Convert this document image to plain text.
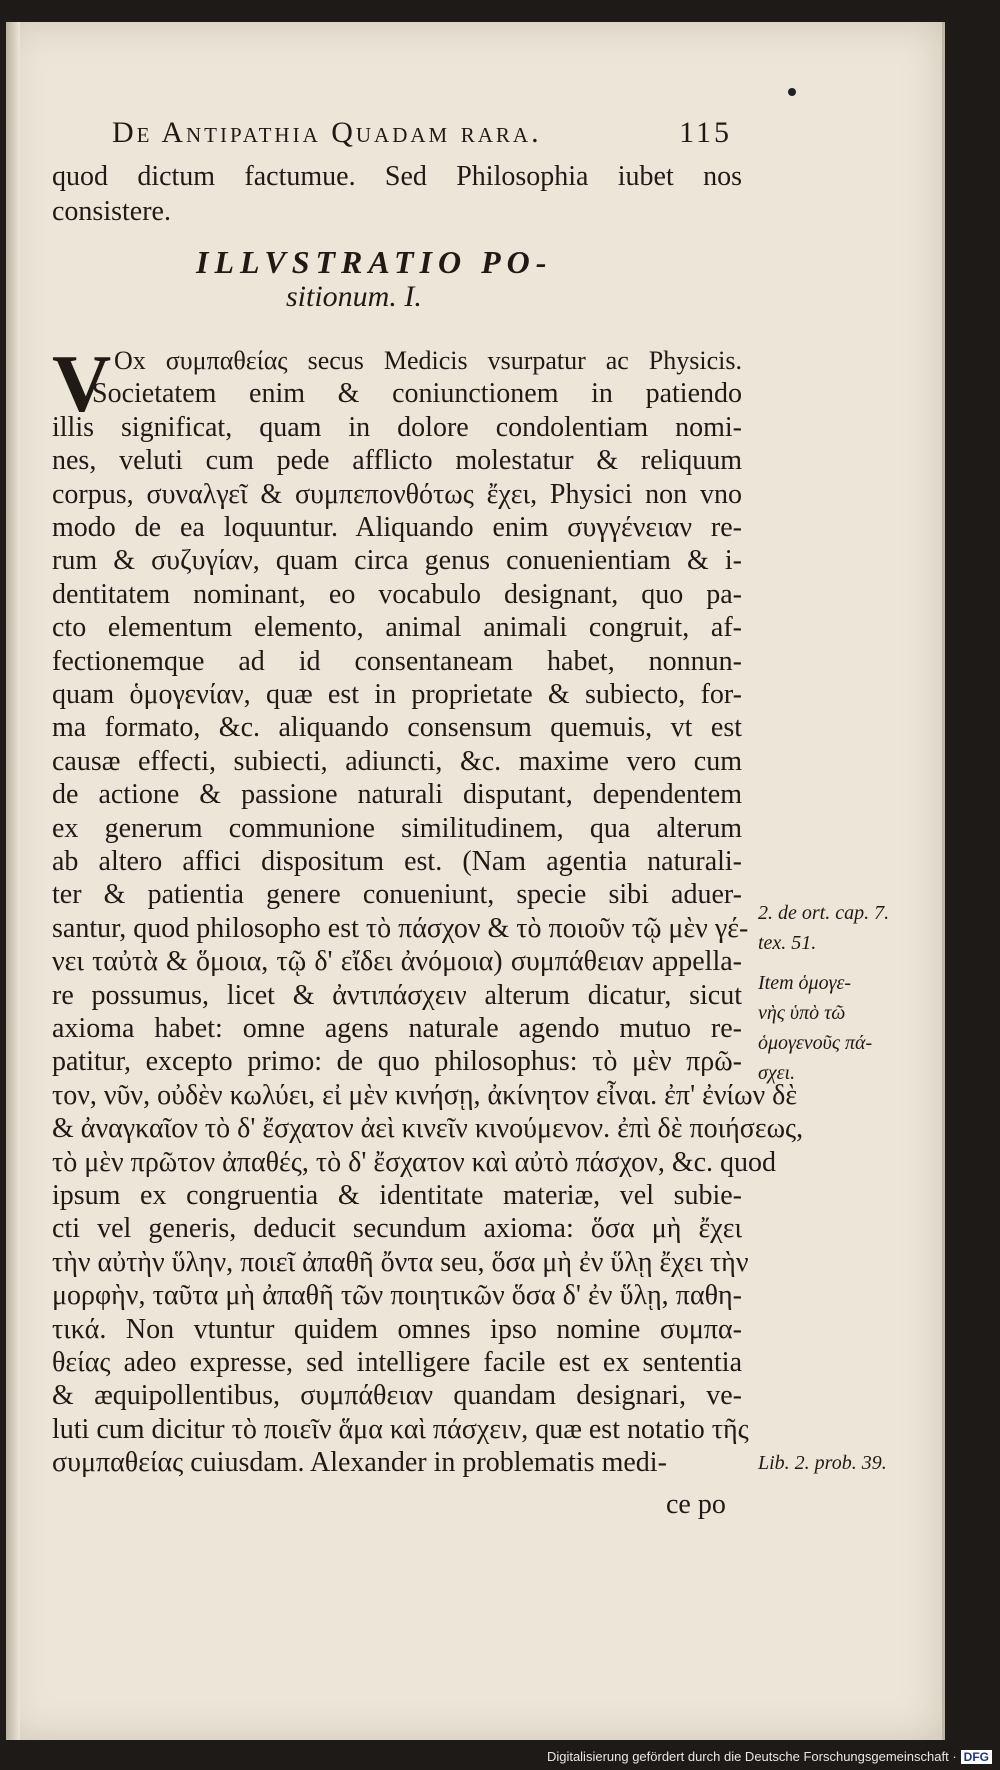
De Antipathia Quadam rara.	115
quod dictum factumue. Sed Philosophia iubet nos
consistere.
ILLVSTRATIO PO-
sitionum. I.
V Ox συμπαθείας secus Medicis vsurpatur ac Physicis.
Societatem enim & coniunctionem in patiendo
illis significat, quam in dolore condolentiam nomi-
nes, veluti cum pede afflicto molestatur & reliquum
corpus, συναλγεῖ & συμπεπονθότως ἔχει, Physici non vno
modo de ea loquuntur. Aliquando enim συγγένειαν re-
rum & συζυγίαν, quam circa genus conuenientiam & i-
dentitatem nominant, eo vocabulo designant, quo pa-
cto elementum elemento, animal animali congruit, af-
fectionemque ad id consentaneam habet, nonnun-
quam ὁμογενίαν, quæ est in proprietate & subiecto, for-
ma formato, &c. aliquando consensum quemuis, vt est
causæ effecti, subiecti, adiuncti, &c. maxime vero cum
de actione & passione naturali disputant, dependentem
ex generum communione similitudinem, qua alterum
ab altero affici dispositum est. (Nam agentia naturali-
ter & patientia genere conueniunt, specie sibi aduer-
santur, quod philosopho est τὸ πάσχον & τὸ ποιοῦν τῷ μὲν γέ-
νει ταὐτὰ & ὅμοια, τῷ δ' εἴδει ἀνόμοια) συμπάθειαν appella-
re possumus, licet & ἀντιπάσχειν alterum dicatur, sicut
axioma habet: omne agens naturale agendo mutuo re-
patitur, excepto primo: de quo philosophus: τὸ μὲν πρῶ-
τον, νῦν, οὐδὲν κωλύει, εἰ μὲν κινήσῃ, ἀκίνητον εἶναι. ἐπ' ἐνίων δὲ
& ἀναγκαῖον τὸ δ' ἔσχατον ἀεὶ κινεῖν κινούμενον. ἐπὶ δὲ ποιήσεως,
τὸ μὲν πρῶτον ἀπαθές, τὸ δ' ἔσχατον καὶ αὐτὸ πάσχον, &c. quod
ipsum ex congruentia & identitate materiæ, vel subie-
cti vel generis, deducit secundum axioma: ὅσα μὴ ἔχει
τὴν αὐτὴν ὕλην, ποιεῖ ἀπαθῆ ὄντα seu, ὅσα μὴ ἐν ὕλῃ ἔχει τὴν
μορφὴν, ταῦτα μὴ ἀπαθῆ τῶν ποιητικῶν ὅσα δ' ἐν ὕλῃ, παθη-
τικά. Non vtuntur quidem omnes ipso nomine συμπα-
θείας adeo expresse, sed intelligere facile est ex sententia
& æquipollentibus, συμπάθειαν quandam designari, ve-
luti cum dicitur τὸ ποιεῖν ἅμα καὶ πάσχειν, quæ est notatio τῆς
συμπαθείας cuiusdam. Alexander in problematis medi-
ce po
2. de ort. cap. 7.
tex. 51.
Item ὁμογε-
νὴς ὑπὸ τῶ
ὁμογενοῦς πά-
σχει.
Lib. 2. prob. 39.
Digitalisierung gefördert durch die Deutsche Forschungsgemeinschaft · DFG
